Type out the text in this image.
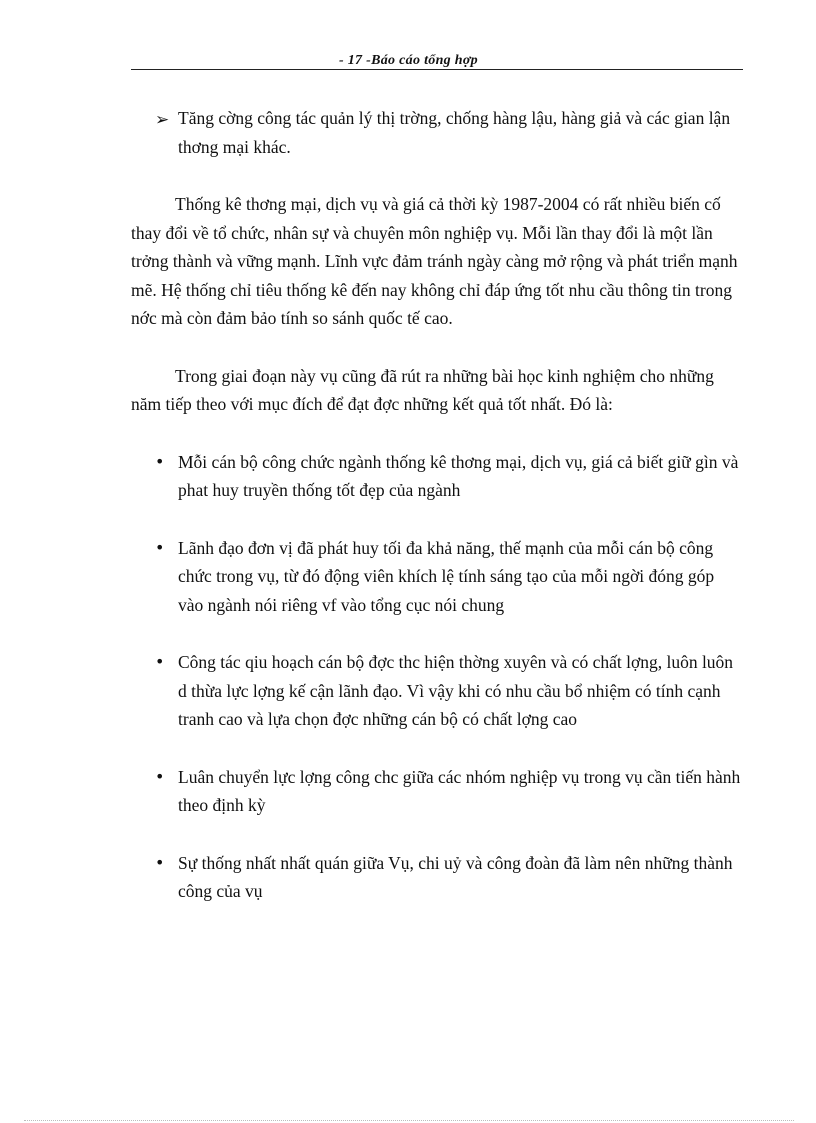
- 17 -Báo cáo tổng hợp
➢ Tăng cờng công tác quản lý thị trờng, chống hàng lậu, hàng giả và các gian lận thơng mại khác.

Thống kê thơng mại, dịch vụ và giá cả thời kỳ 1987-2004 có rất nhiều biến cố thay đổi về tổ chức, nhân sự và chuyên môn nghiệp vụ. Mỗi lần thay đổi là một lần trởng thành và vững mạnh. Lĩnh vực đảm tránh ngày càng mở rộng và phát triển mạnh mẽ. Hệ thống chỉ tiêu thống kê đến nay không chỉ đáp ứng tốt nhu cầu thông tin trong nớc mà còn đảm bảo tính so sánh quốc tế cao.

Trong giai đoạn này vụ cũng đã rút ra những bài học kinh nghiệm cho những năm tiếp theo với mục đích để đạt đợc những kết quả tốt nhất. Đó là:

• Mỗi cán bộ công chức ngành thống kê thơng mại, dịch vụ, giá cả biết giữ gìn và phat huy truyền thống tốt đẹp của ngành
• Lãnh đạo đơn vị đã phát huy tối đa khả năng, thế mạnh của mỗi cán bộ công chức trong vụ, từ đó động viên khích lệ tính sáng tạo của mỗi ngời đóng góp vào ngành nói riêng vf vào tổng cục nói chung
• Công tác qiu hoạch cán bộ đợc thc hiện thờng xuyên và có chất lợng, luôn luôn d thừa lực lợng kế cận lãnh đạo. Vì vậy khi có nhu cầu bổ nhiệm có tính cạnh tranh cao và lựa chọn đợc những cán bộ có chất lợng cao
• Luân chuyển lực lợng công chc giữa các nhóm nghiệp vụ trong vụ cần tiến hành theo định kỳ
• Sự thống nhất nhất quán giữa Vụ, chi uỷ và công đoàn đã làm nên những thành công của vụ
